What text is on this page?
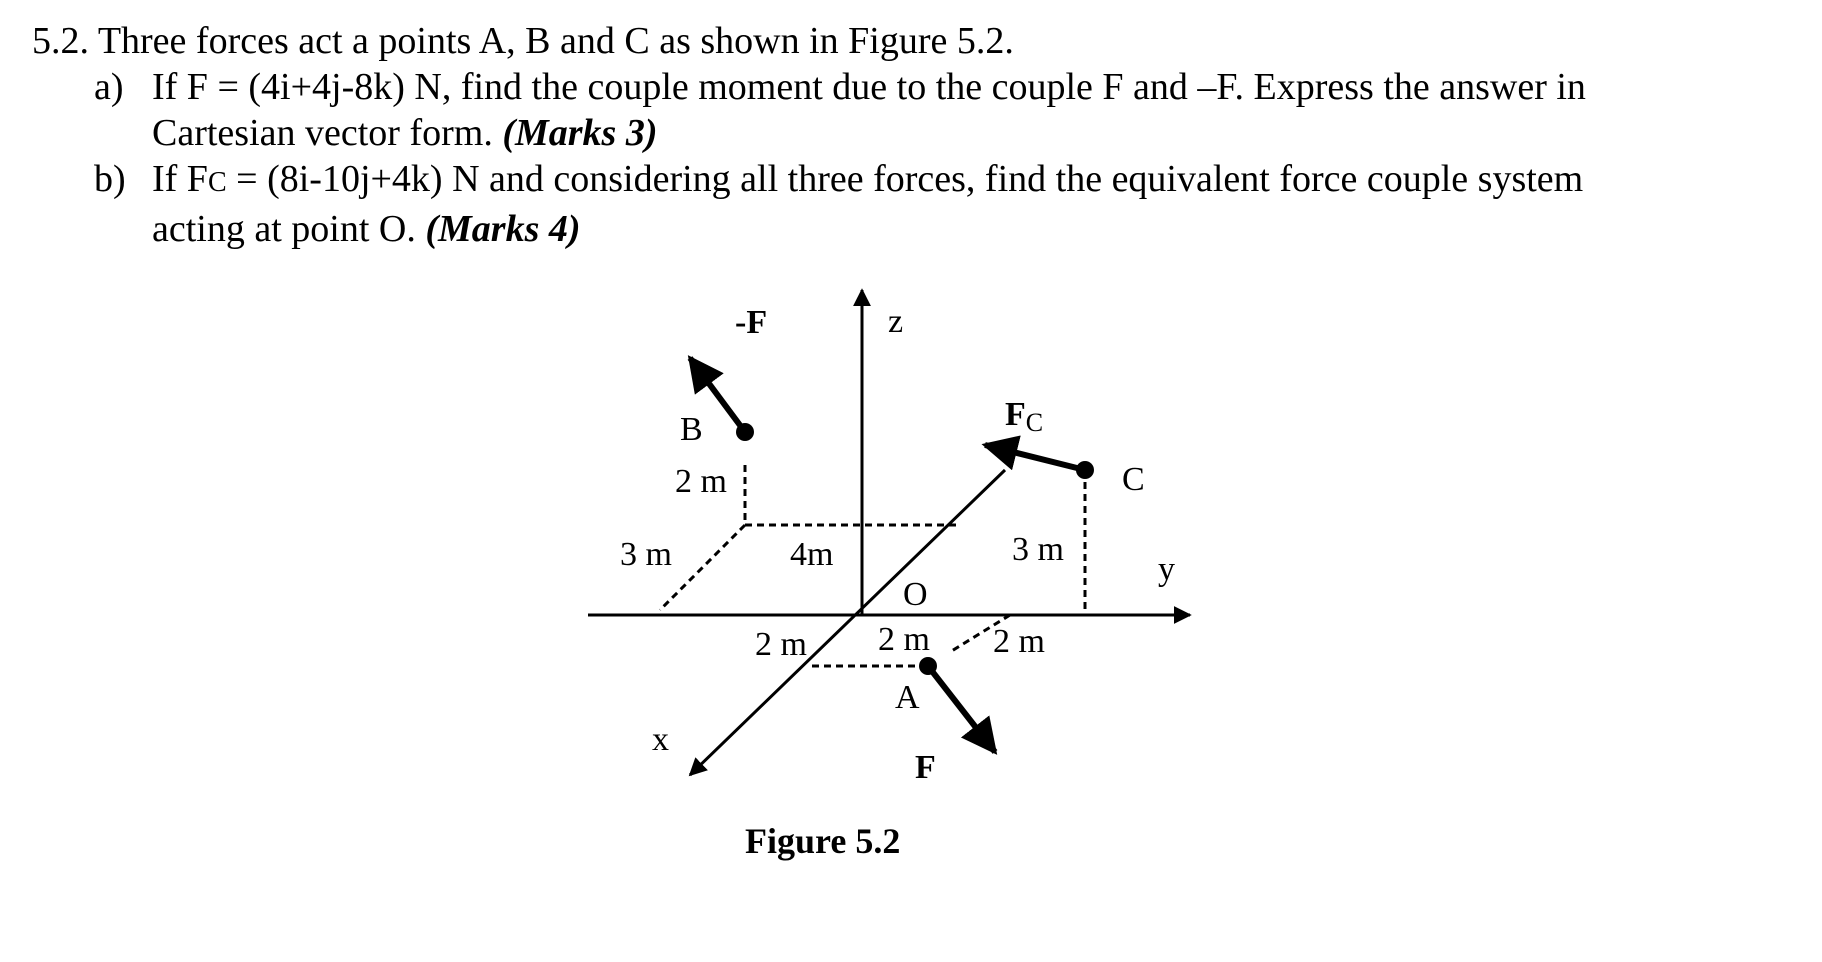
5.2. Three forces act a points A, B and C as shown in Figure 5.2.
a) If F = (4i+4j-8k) N, find the couple moment due to the couple F and –F. Express the answer in
Cartesian vector form. (Marks 3)
b) If FC = (8i-10j+4k) N and considering all three forces, find the equivalent force couple system
acting at point O. (Marks 4)
z
y
x
O
B
C
A
-F
F
FC
2 m
3 m	4m	3 m
2 m 2 m 2 m
Figure 5.2
